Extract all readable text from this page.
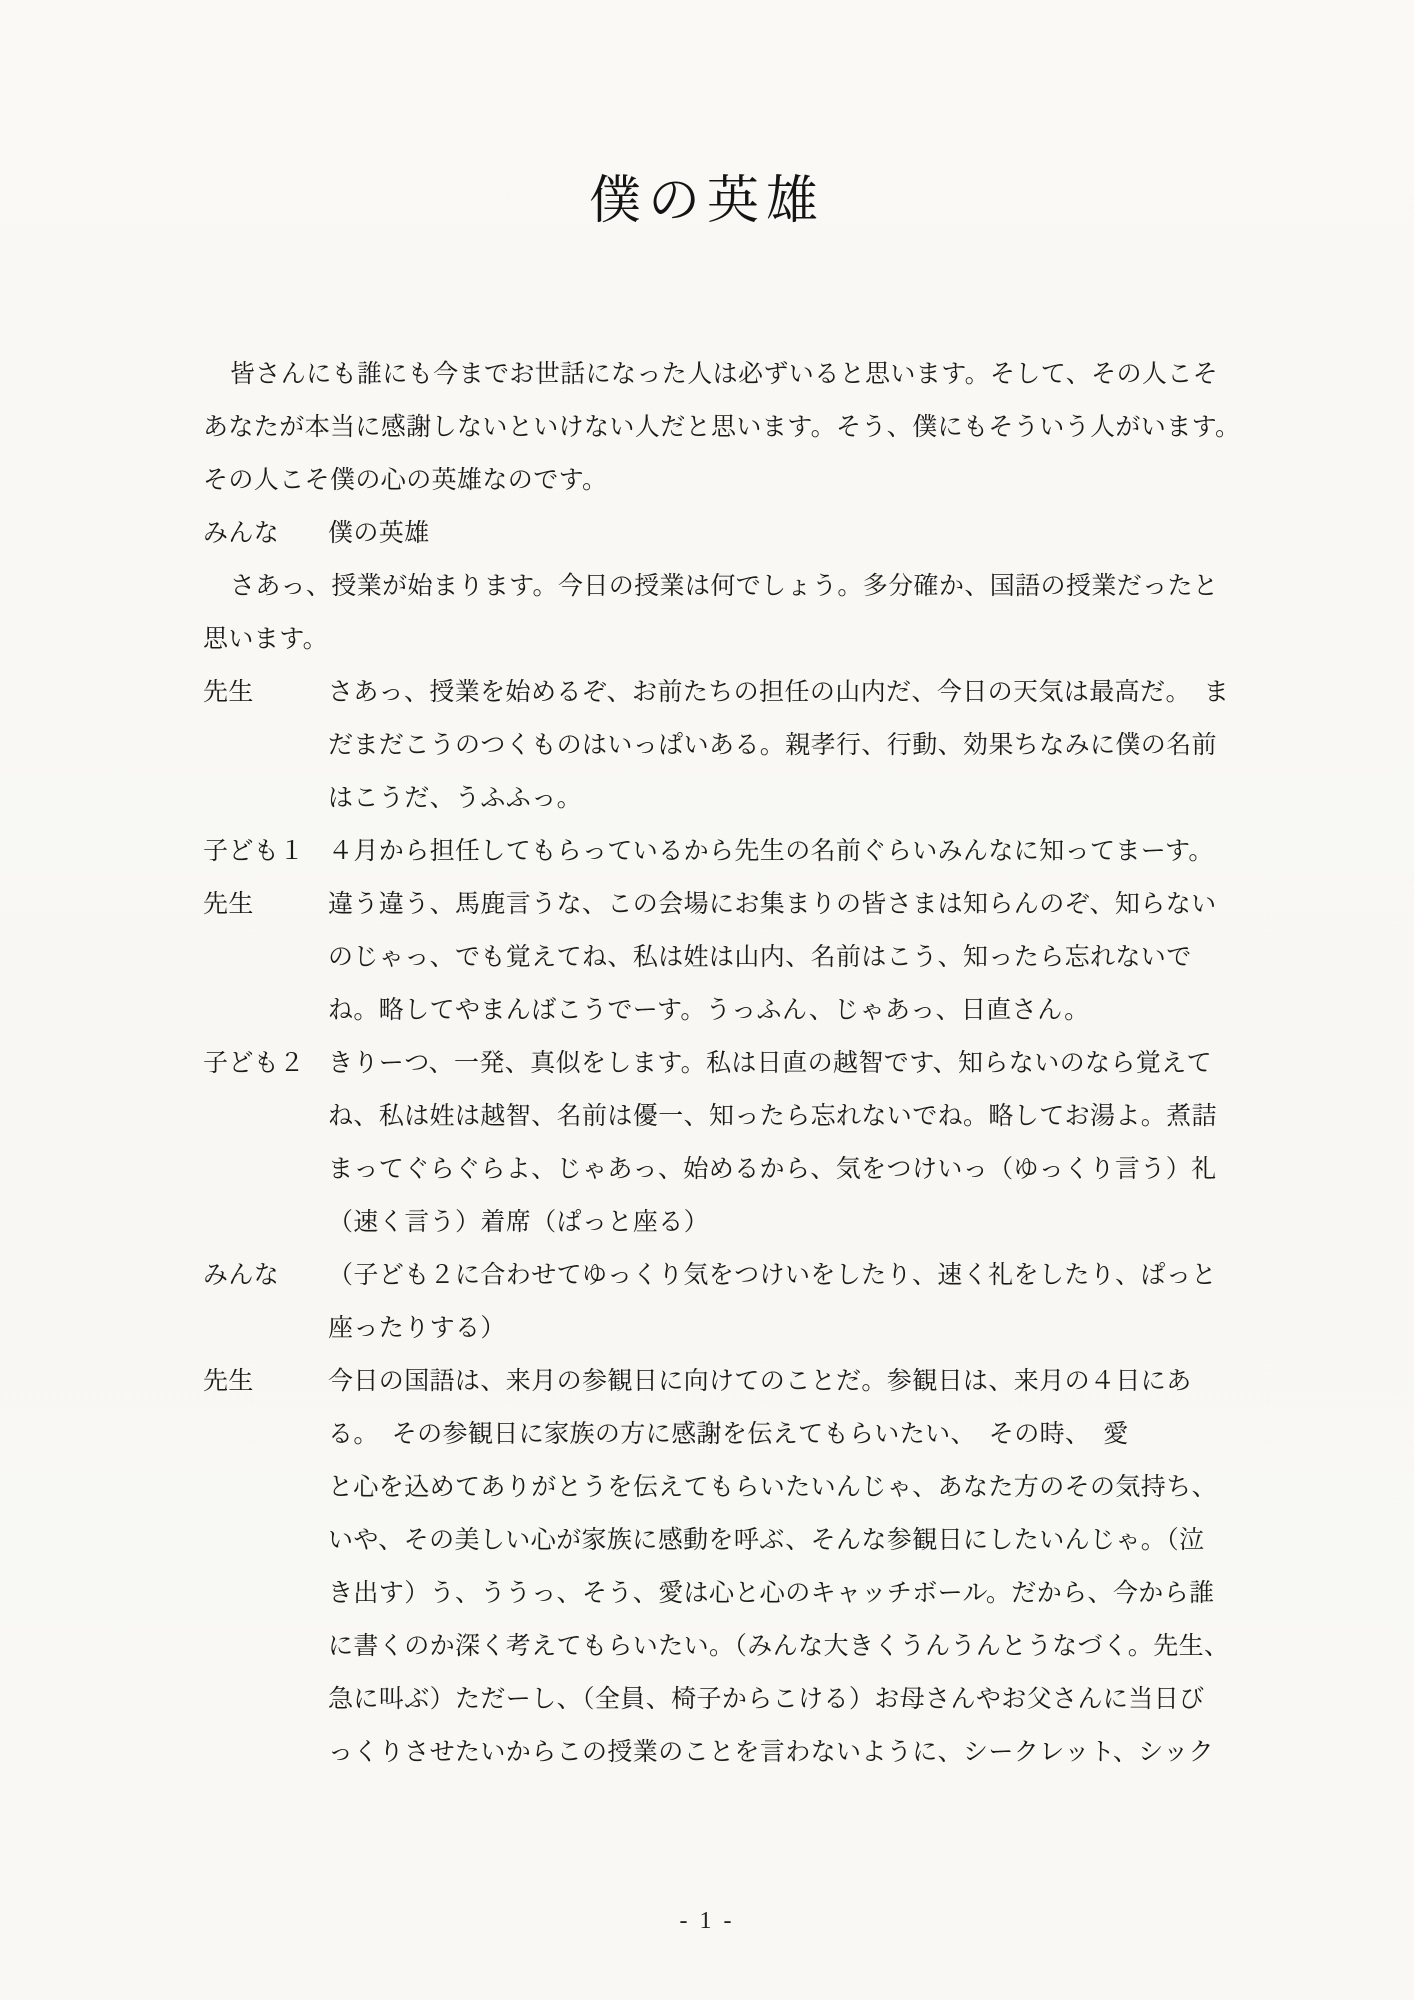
僕の英雄
皆さんにも誰にも今までお世話になった人は必ずいると思います。そして、その人こそ
あなたが本当に感謝しないといけない人だと思います。そう、僕にもそういう人がいます。
その人こそ僕の心の英雄なのです。
みんな	僕の英雄
さあっ、授業が始まります。今日の授業は何でしょう。多分確か、国語の授業だったと
思います。
先生	さあっ、授業を始めるぞ、お前たちの担任の山内だ、今日の天気は最高だ。　ま
だまだこうのつくものはいっぱいある。親孝行、行動、効果ちなみに僕の名前
はこうだ、うふふっ。
子ども１ ４月から担任してもらっているから先生の名前ぐらいみんなに知ってまーす。
先生	違う違う、馬鹿言うな、この会場にお集まりの皆さまは知らんのぞ、知らない
のじゃっ、でも覚えてね、私は姓は山内、名前はこう、知ったら忘れないで
ね。略してやまんばこうでーす。うっふん、じゃあっ、日直さん。
子ども２ きりーつ、一発、真似をします。私は日直の越智です、知らないのなら覚えて
ね、私は姓は越智、名前は優一、知ったら忘れないでね。略してお湯よ。煮詰
まってぐらぐらよ、じゃあっ、始めるから、気をつけいっ（ゆっくり言う）礼
（速く言う）着席（ぱっと座る）
みんな	（子ども２に合わせてゆっくり気をつけいをしたり、速く礼をしたり、ぱっと
座ったりする）
先生	今日の国語は、来月の参観日に向けてのことだ。参観日は、来月の４日にあ
る。　その参観日に家族の方に感謝を伝えてもらいたい、　その時、　愛
と心を込めてありがとうを伝えてもらいたいんじゃ、あなた方のその気持ち、
いや、その美しい心が家族に感動を呼ぶ、そんな参観日にしたいんじゃ。（泣
き出す）う、ううっ、そう、愛は心と心のキャッチボール。だから、今から誰
に書くのか深く考えてもらいたい。（みんな大きくうんうんとうなづく。先生、
急に叫ぶ）ただーし、（全員、椅子からこける）お母さんやお父さんに当日び
っくりさせたいからこの授業のことを言わないように、シークレット、シック
- 1 -
